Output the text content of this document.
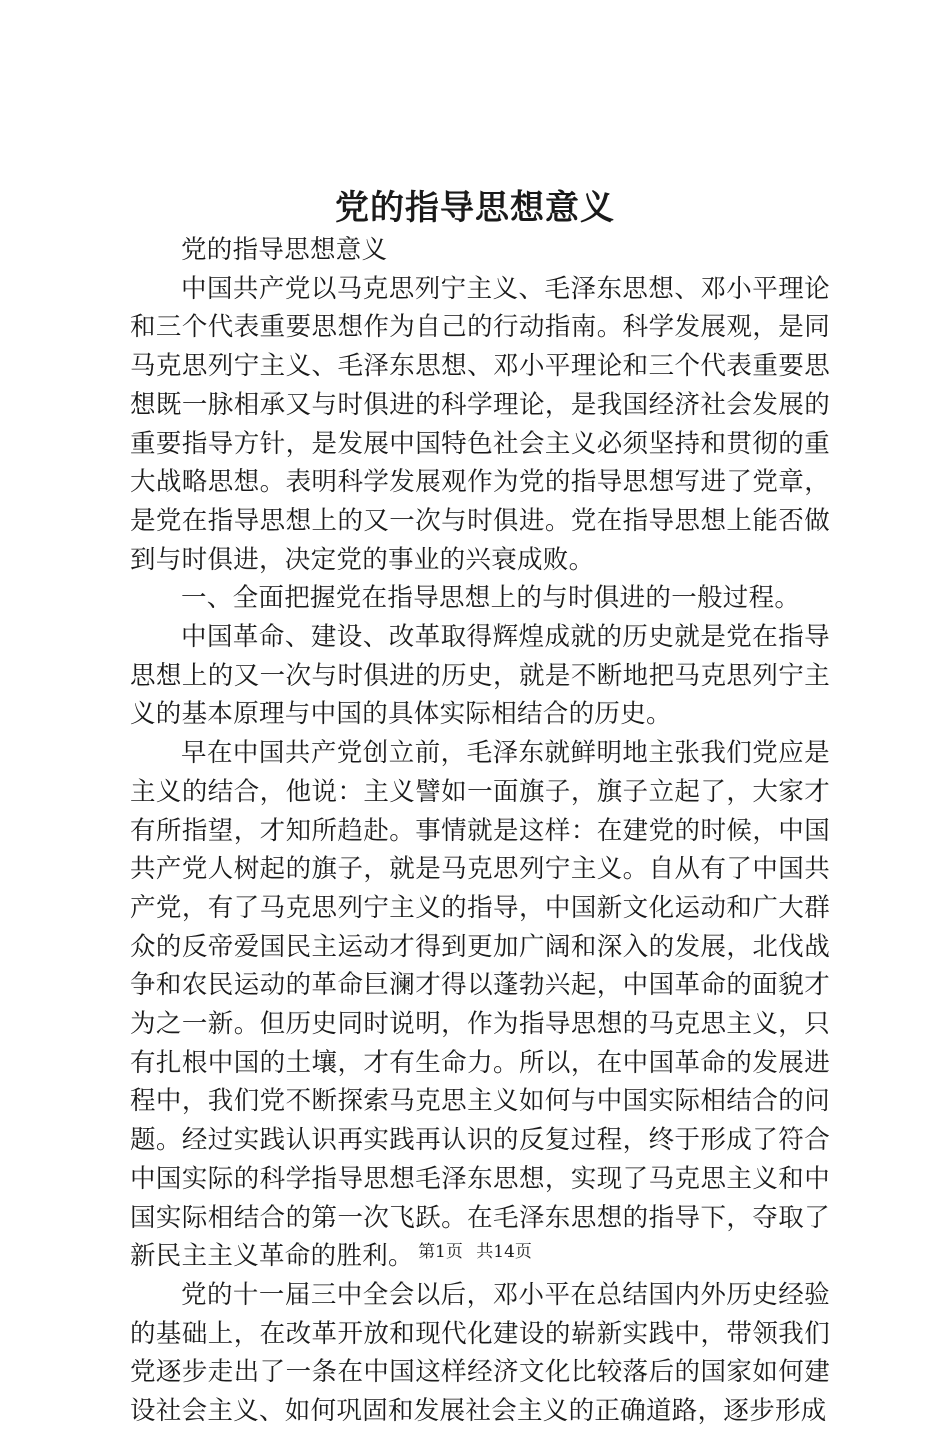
党的指导思想意义

党的指导思想意义

中国共产党以马克思列宁主义、毛泽东思想、邓小平理论和三个代表重要思想作为自己的行动指南。科学发展观，是同马克思列宁主义、毛泽东思想、邓小平理论和三个代表重要思想既一脉相承又与时俱进的科学理论，是我国经济社会发展的重要指导方针，是发展中国特色社会主义必须坚持和贯彻的重大战略思想。表明科学发展观作为党的指导思想写进了党章，是党在指导思想上的又一次与时俱进。党在指导思想上能否做到与时俱进，决定党的事业的兴衰成败。

一、全面把握党在指导思想上的与时俱进的一般过程。

中国革命、建设、改革取得辉煌成就的历史就是党在指导思想上的又一次与时俱进的历史，就是不断地把马克思列宁主义的基本原理与中国的具体实际相结合的历史。

早在中国共产党创立前，毛泽东就鲜明地主张我们党应是主义的结合，他说：主义譬如一面旗子，旗子立起了，大家才有所指望，才知所趋赴。事情就是这样：在建党的时候，中国共产党人树起的旗子，就是马克思列宁主义。自从有了中国共产党，有了马克思列宁主义的指导，中国新文化运动和广大群众的反帝爱国民主运动才得到更加广阔和深入的发展，北伐战争和农民运动的革命巨澜才得以蓬勃兴起，中国革命的面貌才为之一新。但历史同时说明，作为指导思想的马克思主义，只有扎根中国的土壤，才有生命力。所以，在中国革命的发展进程中，我们党不断探索马克思主义如何与中国实际相结合的问题。经过实践认识再实践再认识的反复过程，终于形成了符合中国实际的科学指导思想毛泽东思想，实现了马克思主义和中国实际相结合的第一次飞跃。在毛泽东思想的指导下，夺取了新民主主义革命的胜利。

党的十一届三中全会以后，邓小平在总结国内外历史经验的基础上，在改革开放和现代化建设的崭新实践中，带领我们党逐步走出了一条在中国这样经济文化比较落后的国家如何建设社会主义、如何巩固和发展社会主义的正确道路，逐步形成

第1页 共14页
